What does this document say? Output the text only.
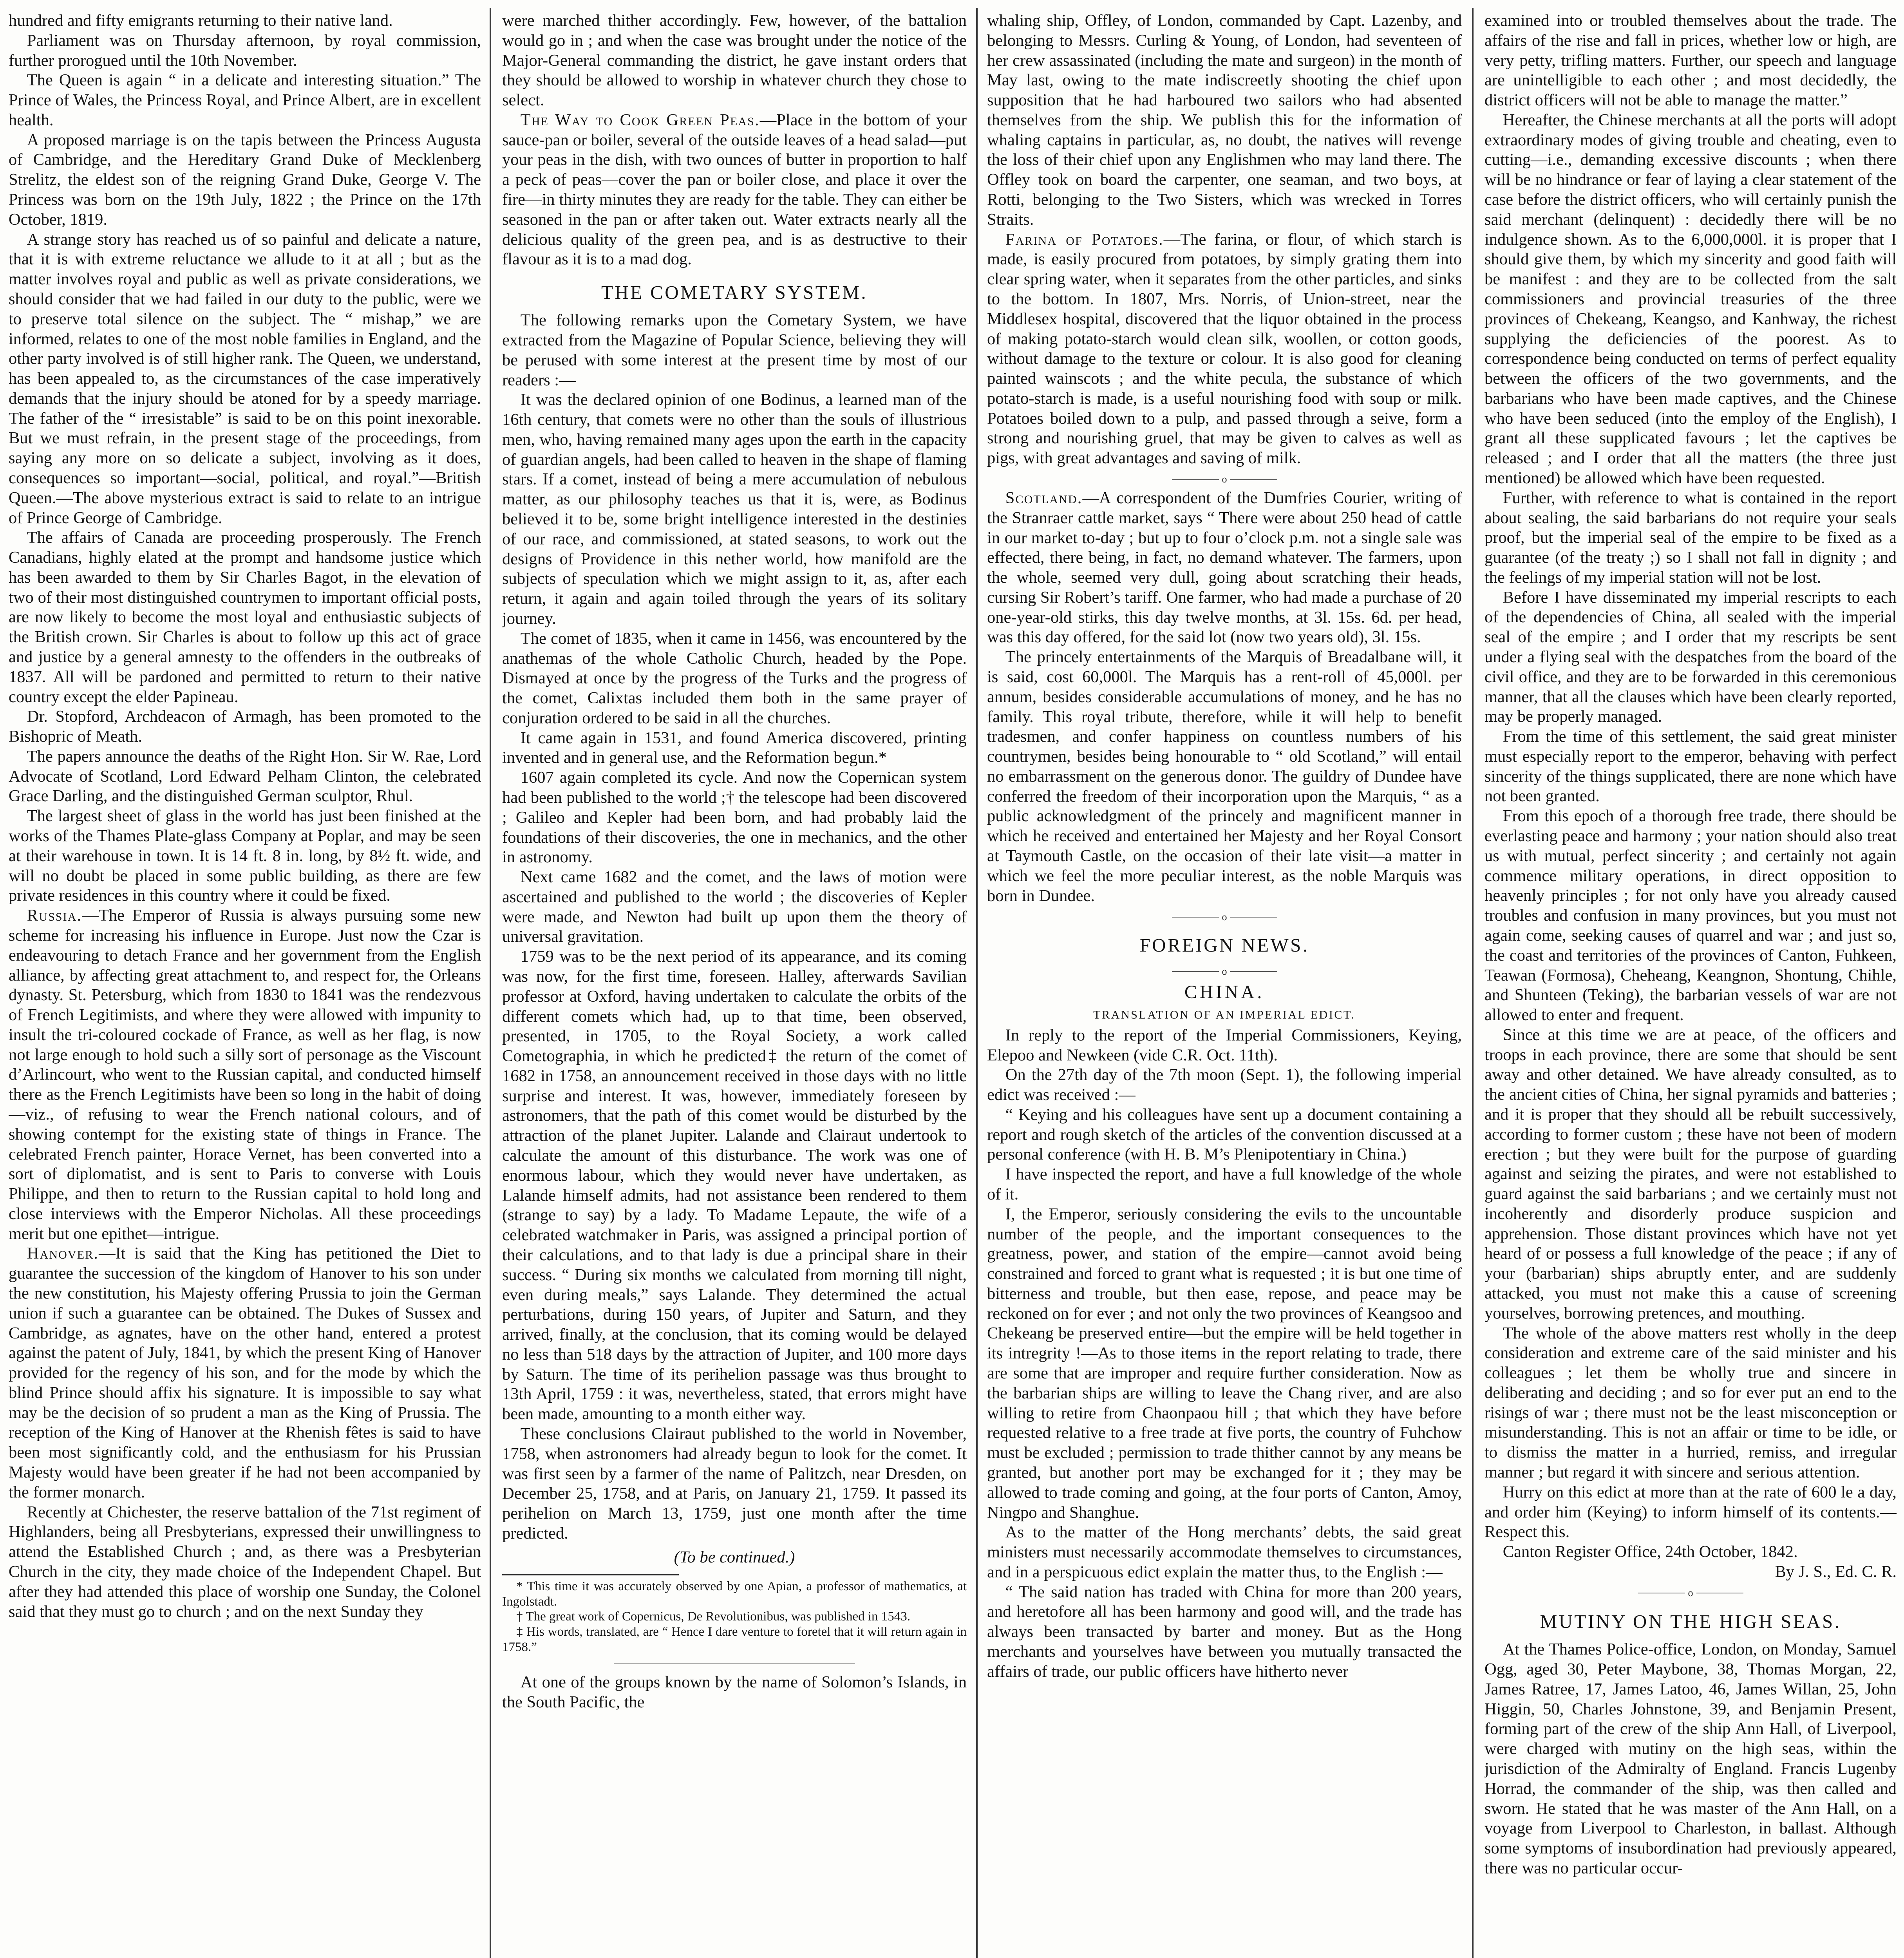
hundred and fifty emigrants returning to their native land.

Parliament was on Thursday afternoon, by royal commission, further prorogued until the 10th November.

The Queen is again “ in a delicate and interesting situation.” The Prince of Wales, the Princess Royal, and Prince Albert, are in excellent health.

A proposed marriage is on the tapis between the Princess Augusta of Cambridge, and the Hereditary Grand Duke of Mecklenberg Strelitz, the eldest son of the reigning Grand Duke, George V. The Princess was born on the 19th July, 1822 ; the Prince on the 17th October, 1819.

A strange story has reached us of so painful and delicate a nature, that it is with extreme reluctance we allude to it at all ; but as the matter involves royal and public as well as private considerations, we should consider that we had failed in our duty to the public, were we to preserve total silence on the subject. The “ mishap,” we are informed, relates to one of the most noble families in England, and the other party involved is of still higher rank. The Queen, we understand, has been appealed to, as the circumstances of the case imperatively demands that the injury should be atoned for by a speedy marriage. The father of the “ irresistable” is said to be on this point inexorable. But we must refrain, in the present stage of the proceedings, from saying any more on so delicate a subject, involving as it does, consequences so important—social, political, and royal.”—British Queen.—The above mysterious extract is said to relate to an intrigue of Prince George of Cambridge.

The affairs of Canada are proceeding prosperously. The French Canadians, highly elated at the prompt and handsome justice which has been awarded to them by Sir Charles Bagot, in the elevation of two of their most distinguished countrymen to important official posts, are now likely to become the most loyal and enthusiastic subjects of the British crown. Sir Charles is about to follow up this act of grace and justice by a general amnesty to the offenders in the outbreaks of 1837. All will be pardoned and permitted to return to their native country except the elder Papineau.

Dr. Stopford, Archdeacon of Armagh, has been promoted to the Bishopric of Meath.

The papers announce the deaths of the Right Hon. Sir W. Rae, Lord Advocate of Scotland, Lord Edward Pelham Clinton, the celebrated Grace Darling, and the distinguished German sculptor, Rhul.

The largest sheet of glass in the world has just been finished at the works of the Thames Plate-glass Company at Poplar, and may be seen at their warehouse in town. It is 14 ft. 8 in. long, by 8½ ft. wide, and will no doubt be placed in some public building, as there are few private residences in this country where it could be fixed.

Russia.—The Emperor of Russia is always pursuing some new scheme for increasing his influence in Europe. Just now the Czar is endeavouring to detach France and her government from the English alliance, by affecting great attachment to, and respect for, the Orleans dynasty. St. Petersburg, which from 1830 to 1841 was the rendezvous of French Legitimists, and where they were allowed with impunity to insult the tri-coloured cockade of France, as well as her flag, is now not large enough to hold such a silly sort of personage as the Viscount d’Arlincourt, who went to the Russian capital, and conducted himself there as the French Legitimists have been so long in the habit of doing—viz., of refusing to wear the French national colours, and of showing contempt for the existing state of things in France. The celebrated French painter, Horace Vernet, has been converted into a sort of diplomatist, and is sent to Paris to converse with Louis Philippe, and then to return to the Russian capital to hold long and close interviews with the Emperor Nicholas. All these proceedings merit but one epithet—intrigue.

Hanover.—It is said that the King has petitioned the Diet to guarantee the succession of the kingdom of Hanover to his son under the new constitution, his Majesty offering Prussia to join the German union if such a guarantee can be obtained. The Dukes of Sussex and Cambridge, as agnates, have on the other hand, entered a protest against the patent of July, 1841, by which the present King of Hanover provided for the regency of his son, and for the mode by which the blind Prince should affix his signature. It is impossible to say what may be the decision of so prudent a man as the King of Prussia. The reception of the King of Hanover at the Rhenish fêtes is said to have been most significantly cold, and the enthusiasm for his Prussian Majesty would have been greater if he had not been accompanied by the former monarch.

Recently at Chichester, the reserve battalion of the 71st regiment of Highlanders, being all Presbyterians, expressed their unwillingness to attend the Established Church ; and, as there was a Presbyterian Church in the city, they made choice of the Independent Chapel. But after they had attended this place of worship one Sunday, the Colonel said that they must go to church ; and on the next Sunday they

were marched thither accordingly. Few, however, of the battalion would go in ; and when the case was brought under the notice of the Major-General commanding the district, he gave instant orders that they should be allowed to worship in whatever church they chose to select.

The Way to Cook Green Peas.—Place in the bottom of your sauce-pan or boiler, several of the outside leaves of a head salad—put your peas in the dish, with two ounces of butter in proportion to half a peck of peas—cover the pan or boiler close, and place it over the fire—in thirty minutes they are ready for the table. They can either be seasoned in the pan or after taken out. Water extracts nearly all the delicious quality of the green pea, and is as destructive to their flavour as it is to a mad dog.

THE COMETARY SYSTEM.

The following remarks upon the Cometary System, we have extracted from the Magazine of Popular Science, believing they will be perused with some interest at the present time by most of our readers :—

It was the declared opinion of one Bodinus, a learned man of the 16th century, that comets were no other than the souls of illustrious men, who, having remained many ages upon the earth in the capacity of guardian angels, had been called to heaven in the shape of flaming stars. If a comet, instead of being a mere accumulation of nebulous matter, as our philosophy teaches us that it is, were, as Bodinus believed it to be, some bright intelligence interested in the destinies of our race, and commissioned, at stated seasons, to work out the designs of Providence in this nether world, how manifold are the subjects of speculation which we might assign to it, as, after each return, it again and again toiled through the years of its solitary journey.

The comet of 1835, when it came in 1456, was encountered by the anathemas of the whole Catholic Church, headed by the Pope. Dismayed at once by the progress of the Turks and the progress of the comet, Calixtas included them both in the same prayer of conjuration ordered to be said in all the churches.

It came again in 1531, and found America discovered, printing invented and in general use, and the Reformation begun.*

1607 again completed its cycle. And now the Copernican system had been published to the world ;† the telescope had been discovered ; Galileo and Kepler had been born, and had probably laid the foundations of their discoveries, the one in mechanics, and the other in astronomy.

Next came 1682 and the comet, and the laws of motion were ascertained and published to the world ; the discoveries of Kepler were made, and Newton had built up upon them the theory of universal gravitation.

1759 was to be the next period of its appearance, and its coming was now, for the first time, foreseen. Halley, afterwards Savilian professor at Oxford, having undertaken to calculate the orbits of the different comets which had, up to that time, been observed, presented, in 1705, to the Royal Society, a work called Cometographia, in which he predicted‡ the return of the comet of 1682 in 1758, an announcement received in those days with no little surprise and interest. It was, however, immediately foreseen by astronomers, that the path of this comet would be disturbed by the attraction of the planet Jupiter. Lalande and Clairaut undertook to calculate the amount of this disturbance. The work was one of enormous labour, which they would never have undertaken, as Lalande himself admits, had not assistance been rendered to them (strange to say) by a lady. To Madame Lepaute, the wife of a celebrated watchmaker in Paris, was assigned a principal portion of their calculations, and to that lady is due a principal share in their success. “ During six months we calculated from morning till night, even during meals,” says Lalande. They determined the actual perturbations, during 150 years, of Jupiter and Saturn, and they arrived, finally, at the conclusion, that its coming would be delayed no less than 518 days by the attraction of Jupiter, and 100 more days by Saturn. The time of its perihelion passage was thus brought to 13th April, 1759 : it was, nevertheless, stated, that errors might have been made, amounting to a month either way.

These conclusions Clairaut published to the world in November, 1758, when astronomers had already begun to look for the comet. It was first seen by a farmer of the name of Palitzch, near Dresden, on December 25, 1758, and at Paris, on January 21, 1759. It passed its perihelion on March 13, 1759, just one month after the time predicted.

(To be continued.)

* This time it was accurately observed by one Apian, a professor of mathematics, at Ingolstadt.

† The great work of Copernicus, De Revolutionibus, was published in 1543.

‡ His words, translated, are “ Hence I dare venture to foretel that it will return again in 1758.”

At one of the groups known by the name of Solomon’s Islands, in the South Pacific, the

whaling ship, Offley, of London, commanded by Capt. Lazenby, and belonging to Messrs. Curling & Young, of London, had seventeen of her crew assassinated (including the mate and surgeon) in the month of May last, owing to the mate indiscreetly shooting the chief upon supposition that he had harboured two sailors who had absented themselves from the ship. We publish this for the information of whaling captains in particular, as, no doubt, the natives will revenge the loss of their chief upon any Englishmen who may land there. The Offley took on board the carpenter, one seaman, and two boys, at Rotti, belonging to the Two Sisters, which was wrecked in Torres Straits.

Farina of Potatoes.—The farina, or flour, of which starch is made, is easily procured from potatoes, by simply grating them into clear spring water, when it separates from the other particles, and sinks to the bottom. In 1807, Mrs. Norris, of Union-street, near the Middlesex hospital, discovered that the liquor obtained in the process of making potato-starch would clean silk, woollen, or cotton goods, without damage to the texture or colour. It is also good for cleaning painted wainscots ; and the white pecula, the substance of which potato-starch is made, is a useful nourishing food with soup or milk. Potatoes boiled down to a pulp, and passed through a seive, form a strong and nourishing gruel, that may be given to calves as well as pigs, with great advantages and saving of milk.

o

Scotland.—A correspondent of the Dumfries Courier, writing of the Stranraer cattle market, says “ There were about 250 head of cattle in our market to-day ; but up to four o’clock p.m. not a single sale was effected, there being, in fact, no demand whatever. The farmers, upon the whole, seemed very dull, going about scratching their heads, cursing Sir Robert’s tariff. One farmer, who had made a purchase of 20 one-year-old stirks, this day twelve months, at 3l. 15s. 6d. per head, was this day offered, for the said lot (now two years old), 3l. 15s.

The princely entertainments of the Marquis of Breadalbane will, it is said, cost 60,000l. The Marquis has a rent-roll of 45,000l. per annum, besides considerable accumulations of money, and he has no family. This royal tribute, therefore, while it will help to benefit tradesmen, and confer happiness on countless numbers of his countrymen, besides being honourable to “ old Scotland,” will entail no embarrassment on the generous donor. The guildry of Dundee have conferred the freedom of their incorporation upon the Marquis, “ as a public acknowledgment of the princely and magnificent manner in which he received and entertained her Majesty and her Royal Consort at Taymouth Castle, on the occasion of their late visit—a matter in which we feel the more peculiar interest, as the noble Marquis was born in Dundee.

o
FOREIGN NEWS.
o
CHINA.
TRANSLATION OF AN IMPERIAL EDICT.

In reply to the report of the Imperial Commissioners, Keying, Elepoo and Newkeen (vide C.R. Oct. 11th).

On the 27th day of the 7th moon (Sept. 1), the following imperial edict was received :—

“ Keying and his colleagues have sent up a document containing a report and rough sketch of the articles of the convention discussed at a personal conference (with H. B. M’s Plenipotentiary in China.)

I have inspected the report, and have a full knowledge of the whole of it.

I, the Emperor, seriously considering the evils to the uncountable number of the people, and the important consequences to the greatness, power, and station of the empire—cannot avoid being constrained and forced to grant what is requested ; it is but one time of bitterness and trouble, but then ease, repose, and peace may be reckoned on for ever ; and not only the two provinces of Keangsoo and Chekeang be preserved entire—but the empire will be held together in its intregrity !—As to those items in the report relating to trade, there are some that are improper and require further consideration. Now as the barbarian ships are willing to leave the Chang river, and are also willing to retire from Chaonpaou hill ; that which they have before requested relative to a free trade at five ports, the country of Fuhchow must be excluded ; permission to trade thither cannot by any means be granted, but another port may be exchanged for it ; they may be allowed to trade coming and going, at the four ports of Canton, Amoy, Ningpo and Shanghue.

As to the matter of the Hong merchants’ debts, the said great ministers must necessarily accommodate themselves to circumstances, and in a perspicuous edict explain the matter thus, to the English :—

“ The said nation has traded with China for more than 200 years, and heretofore all has been harmony and good will, and the trade has always been transacted by barter and money. But as the Hong merchants and yourselves have between you mutually transacted the affairs of trade, our public officers have hitherto never

examined into or troubled themselves about the trade. The affairs of the rise and fall in prices, whether low or high, are very petty, trifling matters. Further, our speech and language are unintelligible to each other ; and most decidedly, the district officers will not be able to manage the matter.”

Hereafter, the Chinese merchants at all the ports will adopt extraordinary modes of giving trouble and cheating, even to cutting—i.e., demanding excessive discounts ; when there will be no hindrance or fear of laying a clear statement of the case before the district officers, who will certainly punish the said merchant (delinquent) : decidedly there will be no indulgence shown. As to the 6,000,000l. it is proper that I should give them, by which my sincerity and good faith will be manifest : and they are to be collected from the salt commissioners and provincial treasuries of the three provinces of Chekeang, Keangso, and Kanhway, the richest supplying the deficiencies of the poorest. As to correspondence being conducted on terms of perfect equality between the officers of the two governments, and the barbarians who have been made captives, and the Chinese who have been seduced (into the employ of the English), I grant all these supplicated favours ; let the captives be released ; and I order that all the matters (the three just mentioned) be allowed which have been requested.

Further, with reference to what is contained in the report about sealing, the said barbarians do not require your seals proof, but the imperial seal of the empire to be fixed as a guarantee (of the treaty ;) so I shall not fall in dignity ; and the feelings of my imperial station will not be lost.

Before I have disseminated my imperial rescripts to each of the dependencies of China, all sealed with the imperial seal of the empire ; and I order that my rescripts be sent under a flying seal with the despatches from the board of the civil office, and they are to be forwarded in this ceremonious manner, that all the clauses which have been clearly reported, may be properly managed.

From the time of this settlement, the said great minister must especially report to the emperor, behaving with perfect sincerity of the things supplicated, there are none which have not been granted.

From this epoch of a thorough free trade, there should be everlasting peace and harmony ; your nation should also treat us with mutual, perfect sincerity ; and certainly not again commence military operations, in direct opposition to heavenly principles ; for not only have you already caused troubles and confusion in many provinces, but you must not again come, seeking causes of quarrel and war ; and just so, the coast and territories of the provinces of Canton, Fuhkeen, Teawan (Formosa), Cheheang, Keangnon, Shontung, Chihle, and Shunteen (Teking), the barbarian vessels of war are not allowed to enter and frequent.

Since at this time we are at peace, of the officers and troops in each province, there are some that should be sent away and other detained. We have already consulted, as to the ancient cities of China, her signal pyramids and batteries ; and it is proper that they should all be rebuilt successively, according to former custom ; these have not been of modern erection ; but they were built for the purpose of guarding against and seizing the pirates, and were not established to guard against the said barbarians ; and we certainly must not incoherently and disorderly produce suspicion and apprehension. Those distant provinces which have not yet heard of or possess a full knowledge of the peace ; if any of your (barbarian) ships abruptly enter, and are suddenly attacked, you must not make this a cause of screening yourselves, borrowing pretences, and mouthing.

The whole of the above matters rest wholly in the deep consideration and extreme care of the said minister and his colleagues ; let them be wholly true and sincere in deliberating and deciding ; and so for ever put an end to the risings of war ; there must not be the least misconception or misunderstanding. This is not an affair or time to be idle, or to dismiss the matter in a hurried, remiss, and irregular manner ; but regard it with sincere and serious attention.

Hurry on this edict at more than at the rate of 600 le a day, and order him (Keying) to inform himself of its contents.—Respect this.

Canton Register Office, 24th October, 1842.

By J. S., Ed. C. R.
o
MUTINY ON THE HIGH SEAS.

At the Thames Police-office, London, on Monday, Samuel Ogg, aged 30, Peter Maybone, 38, Thomas Morgan, 22, James Ratree, 17, James Latoo, 46, James Willan, 25, John Higgin, 50, Charles Johnstone, 39, and Benjamin Present, forming part of the crew of the ship Ann Hall, of Liverpool, were charged with mutiny on the high seas, within the jurisdiction of the Admiralty of England. Francis Lugenby Horrad, the commander of the ship, was then called and sworn. He stated that he was master of the Ann Hall, on a voyage from Liverpool to Charleston, in ballast. Although some symptoms of insubordination had previously appeared, there was no particular occur-
